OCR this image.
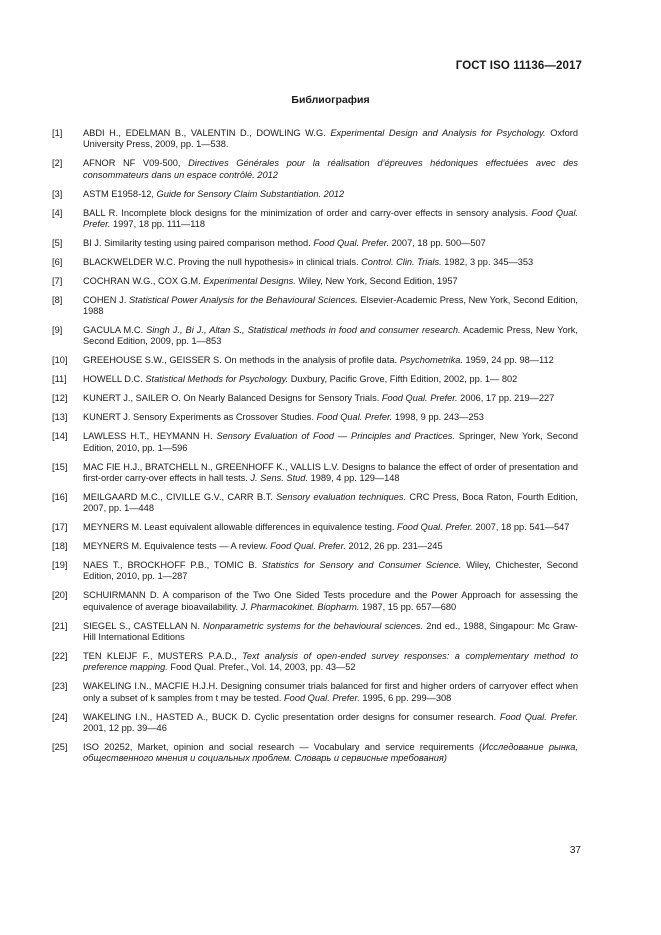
ГОСТ ISO 11136—2017
Библиография
[1]	ABDI H., EDELMAN B., VALENTIN D., DOWLING W.G. Experimental Design and Analysis for Psychology. Oxford University Press, 2009, pp. 1—538.
[2]	AFNOR NF V09-500, Directives Générales pour la réalisation d’épreuves hédoniques effectuées avec des consommateurs dans un espace contrôlé. 2012
[3]	ASTM E1958-12, Guide for Sensory Claim Substantiation. 2012
[4]	BALL R. Incomplete block designs for the minimization of order and carry-over effects in sensory analysis. Food Qual. Prefer. 1997, 18 pp. 111—118
[5]	BI J. Similarity testing using paired comparison method. Food Qual. Prefer. 2007, 18 pp. 500—507
[6]	BLACKWELDER W.C. Proving the null hypothesis» in clinical trials. Control. Clin. Trials. 1982, 3 pp. 345—353
[7]	COCHRAN W.G., COX G.M. Experimental Designs. Wiley, New York, Second Edition, 1957
[8]	COHEN J. Statistical Power Analysis for the Behavioural Sciences. Elsevier-Academic Press, New York, Second Edition, 1988
[9]	GACULA M.C. Singh J., Bi J., Altan S., Statistical methods in food and consumer research. Academic Press, New York, Second Edition, 2009, pp. 1—853
[10]	GREEHOUSE S.W., GEISSER S. On methods in the analysis of profile data. Psychometrika. 1959, 24 pp. 98—112
[11]	HOWELL D.C. Statistical Methods for Psychology. Duxbury, Pacific Grove, Fifth Edition, 2002, pp. 1— 802
[12]	KUNERT J., SAILER O. On Nearly Balanced Designs for Sensory Trials. Food Qual. Prefer. 2006, 17 pp. 219—227
[13]	KUNERT J. Sensory Experiments as Crossover Studies. Food Qual. Prefer. 1998, 9 pp. 243—253
[14]	LAWLESS H.T., HEYMANN H. Sensory Evaluation of Food — Principles and Practices. Springer, New York, Second Edition, 2010, pp. 1—596
[15]	MAC FIE H.J., BRATCHELL N., GREENHOFF K., VALLIS L.V. Designs to balance the effect of order of presentation and first-order carry-over effects in hall tests. J. Sens. Stud. 1989, 4 pp. 129—148
[16]	MEILGAARD M.C., CIVILLE G.V., CARR B.T. Sensory evaluation techniques. CRC Press, Boca Raton, Fourth Edition, 2007, pp. 1—448
[17]	MEYNERS M. Least equivalent allowable differences in equivalence testing. Food Qual. Prefer. 2007, 18 pp. 541—547
[18]	MEYNERS M. Equivalence tests — A review. Food Qual. Prefer. 2012, 26 pp. 231—245
[19]	NAES T., BROCKHOFF P.B., TOMIC B. Statistics for Sensory and Consumer Science. Wiley, Chichester, Second Edition, 2010, pp. 1—287
[20]	SCHUIRMANN D. A comparison of the Two One Sided Tests procedure and the Power Approach for assessing the equivalence of average bioavailability. J. Pharmacokinet. Biopharm. 1987, 15 pp. 657—680
[21]	SIEGEL S., CASTELLAN N. Nonparametric systems for the behavioural sciences. 2nd ed., 1988, Singapour: Mc Graw-Hill International Editions
[22]	TEN KLEIJF F., MUSTERS P.A.D., Text analysis of open-ended survey responses: a complementary method to preference mapping. Food Qual. Prefer., Vol. 14, 2003, pp. 43—52
[23]	WAKELING I.N., MACFIE H.J.H. Designing consumer trials balanced for first and higher orders of carryover effect when only a subset of k samples from t may be tested. Food Qual. Prefer. 1995, 6 pp. 299—308
[24]	WAKELING I.N., HASTED A., BUCK D. Cyclic presentation order designs for consumer research. Food Qual. Prefer. 2001, 12 pp. 39—46
[25]	ISO 20252, Market, opinion and social research — Vocabulary and service requirements (Исследование рынка, общественного мнения и социальных проблем. Словарь и сервисные требования)
37
